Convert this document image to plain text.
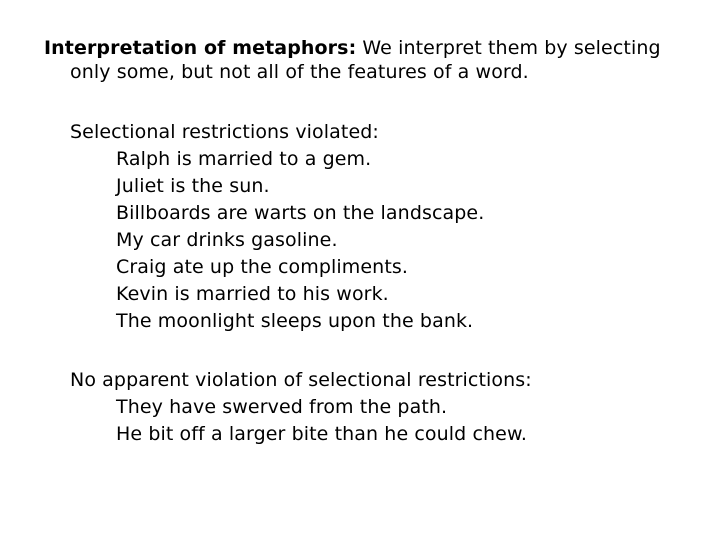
Interpretation of metaphors: We interpret them by selecting
only some, but not all of the features of a word.
Selectional restrictions violated:
Ralph is married to a gem.
Juliet is the sun.
Billboards are warts on the landscape.
My car drinks gasoline.
Craig ate up the compliments.
Kevin is married to his work.
The moonlight sleeps upon the bank.
No apparent violation of selectional restrictions:
They have swerved from the path.
He bit off a larger bite than he could chew.
